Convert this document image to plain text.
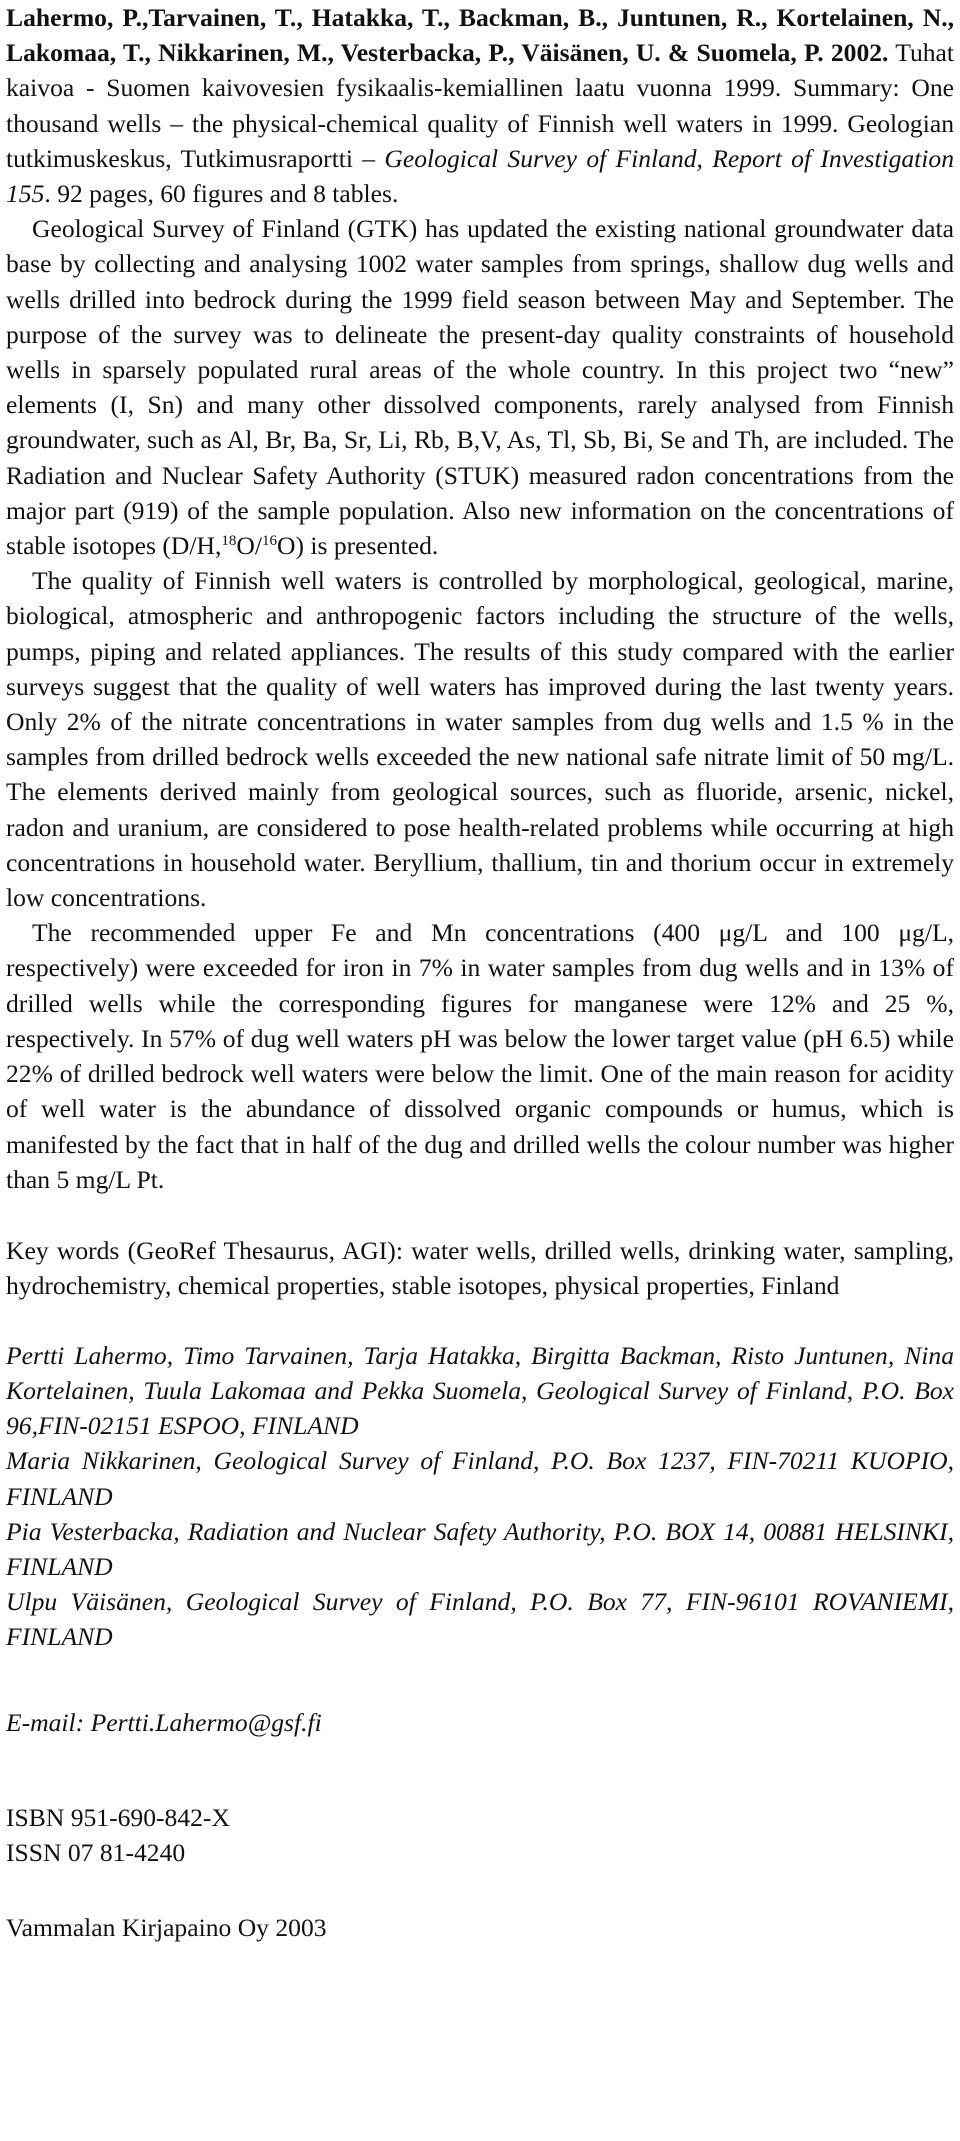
Lahermo, P.,Tarvainen, T., Hatakka, T., Backman, B., Juntunen, R., Kortelainen, N., Lakomaa, T., Nikkarinen, M., Vesterbacka, P., Väisänen, U. & Suomela, P. 2002. Tuhat kaivoa - Suomen kaivovesien fysikaalis-kemiallinen laatu vuonna 1999. Summary: One thousand wells – the physical-chemical quality of Finnish well waters in 1999. Geologian tutkimuskeskus, Tutkimusraportti – Geological Survey of Finland, Report of Investigation 155. 92 pages, 60 figures and 8 tables.

Geological Survey of Finland (GTK) has updated the existing national groundwater data base by collecting and analysing 1002 water samples from springs, shallow dug wells and wells drilled into bedrock during the 1999 field season between May and September. The purpose of the survey was to delineate the present-day quality constraints of household wells in sparsely populated rural areas of the whole country. In this project two “new” elements (I, Sn) and many other dissolved components, rarely analysed from Finnish groundwater, such as Al, Br, Ba, Sr, Li, Rb, B,V, As, Tl, Sb, Bi, Se and Th, are included. The Radiation and Nuclear Safety Authority (STUK) measured radon concentrations from the major part (919) of the sample population. Also new information on the concentrations of stable isotopes (D/H,$^{18}$O/$^{16}$O) is presented.

The quality of Finnish well waters is controlled by morphological, geological, marine, biological, atmospheric and anthropogenic factors including the structure of the wells, pumps, piping and related appliances. The results of this study compared with the earlier surveys suggest that the quality of well waters has improved during the last twenty years. Only 2% of the nitrate concentrations in water samples from dug wells and 1.5 % in the samples from drilled bedrock wells exceeded the new national safe nitrate limit of 50 mg/L. The elements derived mainly from geological sources, such as fluoride, arsenic, nickel, radon and uranium, are considered to pose health-related problems while occurring at high concentrations in household water. Beryllium, thallium, tin and thorium occur in extremely low concentrations.

The recommended upper Fe and Mn concentrations (400 μg/L and 100 μg/L, respectively) were exceeded for iron in 7% in water samples from dug wells and in 13% of drilled wells while the corresponding figures for manganese were 12% and 25 %, respectively. In 57% of dug well waters pH was below the lower target value (pH 6.5) while 22% of drilled bedrock well waters were below the limit. One of the main reason for acidity of well water is the abundance of dissolved organic compounds or humus, which is manifested by the fact that in half of the dug and drilled wells the colour number was higher than 5 mg/L Pt.

Key words (GeoRef Thesaurus, AGI): water wells, drilled wells, drinking water, sampling, hydrochemistry, chemical properties, stable isotopes, physical properties, Finland

Pertti Lahermo, Timo Tarvainen, Tarja Hatakka, Birgitta Backman, Risto Juntunen, Nina Kortelainen, Tuula Lakomaa and Pekka Suomela, Geological Survey of Finland, P.O. Box 96,FIN-02151 ESPOO, FINLAND

Maria Nikkarinen, Geological Survey of Finland, P.O. Box 1237, FIN-70211 KUOPIO, FINLAND

Pia Vesterbacka, Radiation and Nuclear Safety Authority, P.O. BOX 14, 00881 HELSINKI, FINLAND

Ulpu Väisänen, Geological Survey of Finland, P.O. Box 77, FIN-96101 ROVANIEMI, FINLAND

E-mail: Pertti.Lahermo@gsf.fi
ISBN 951-690-842-X
ISSN 07 81-4240
Vammalan Kirjapaino Oy 2003
